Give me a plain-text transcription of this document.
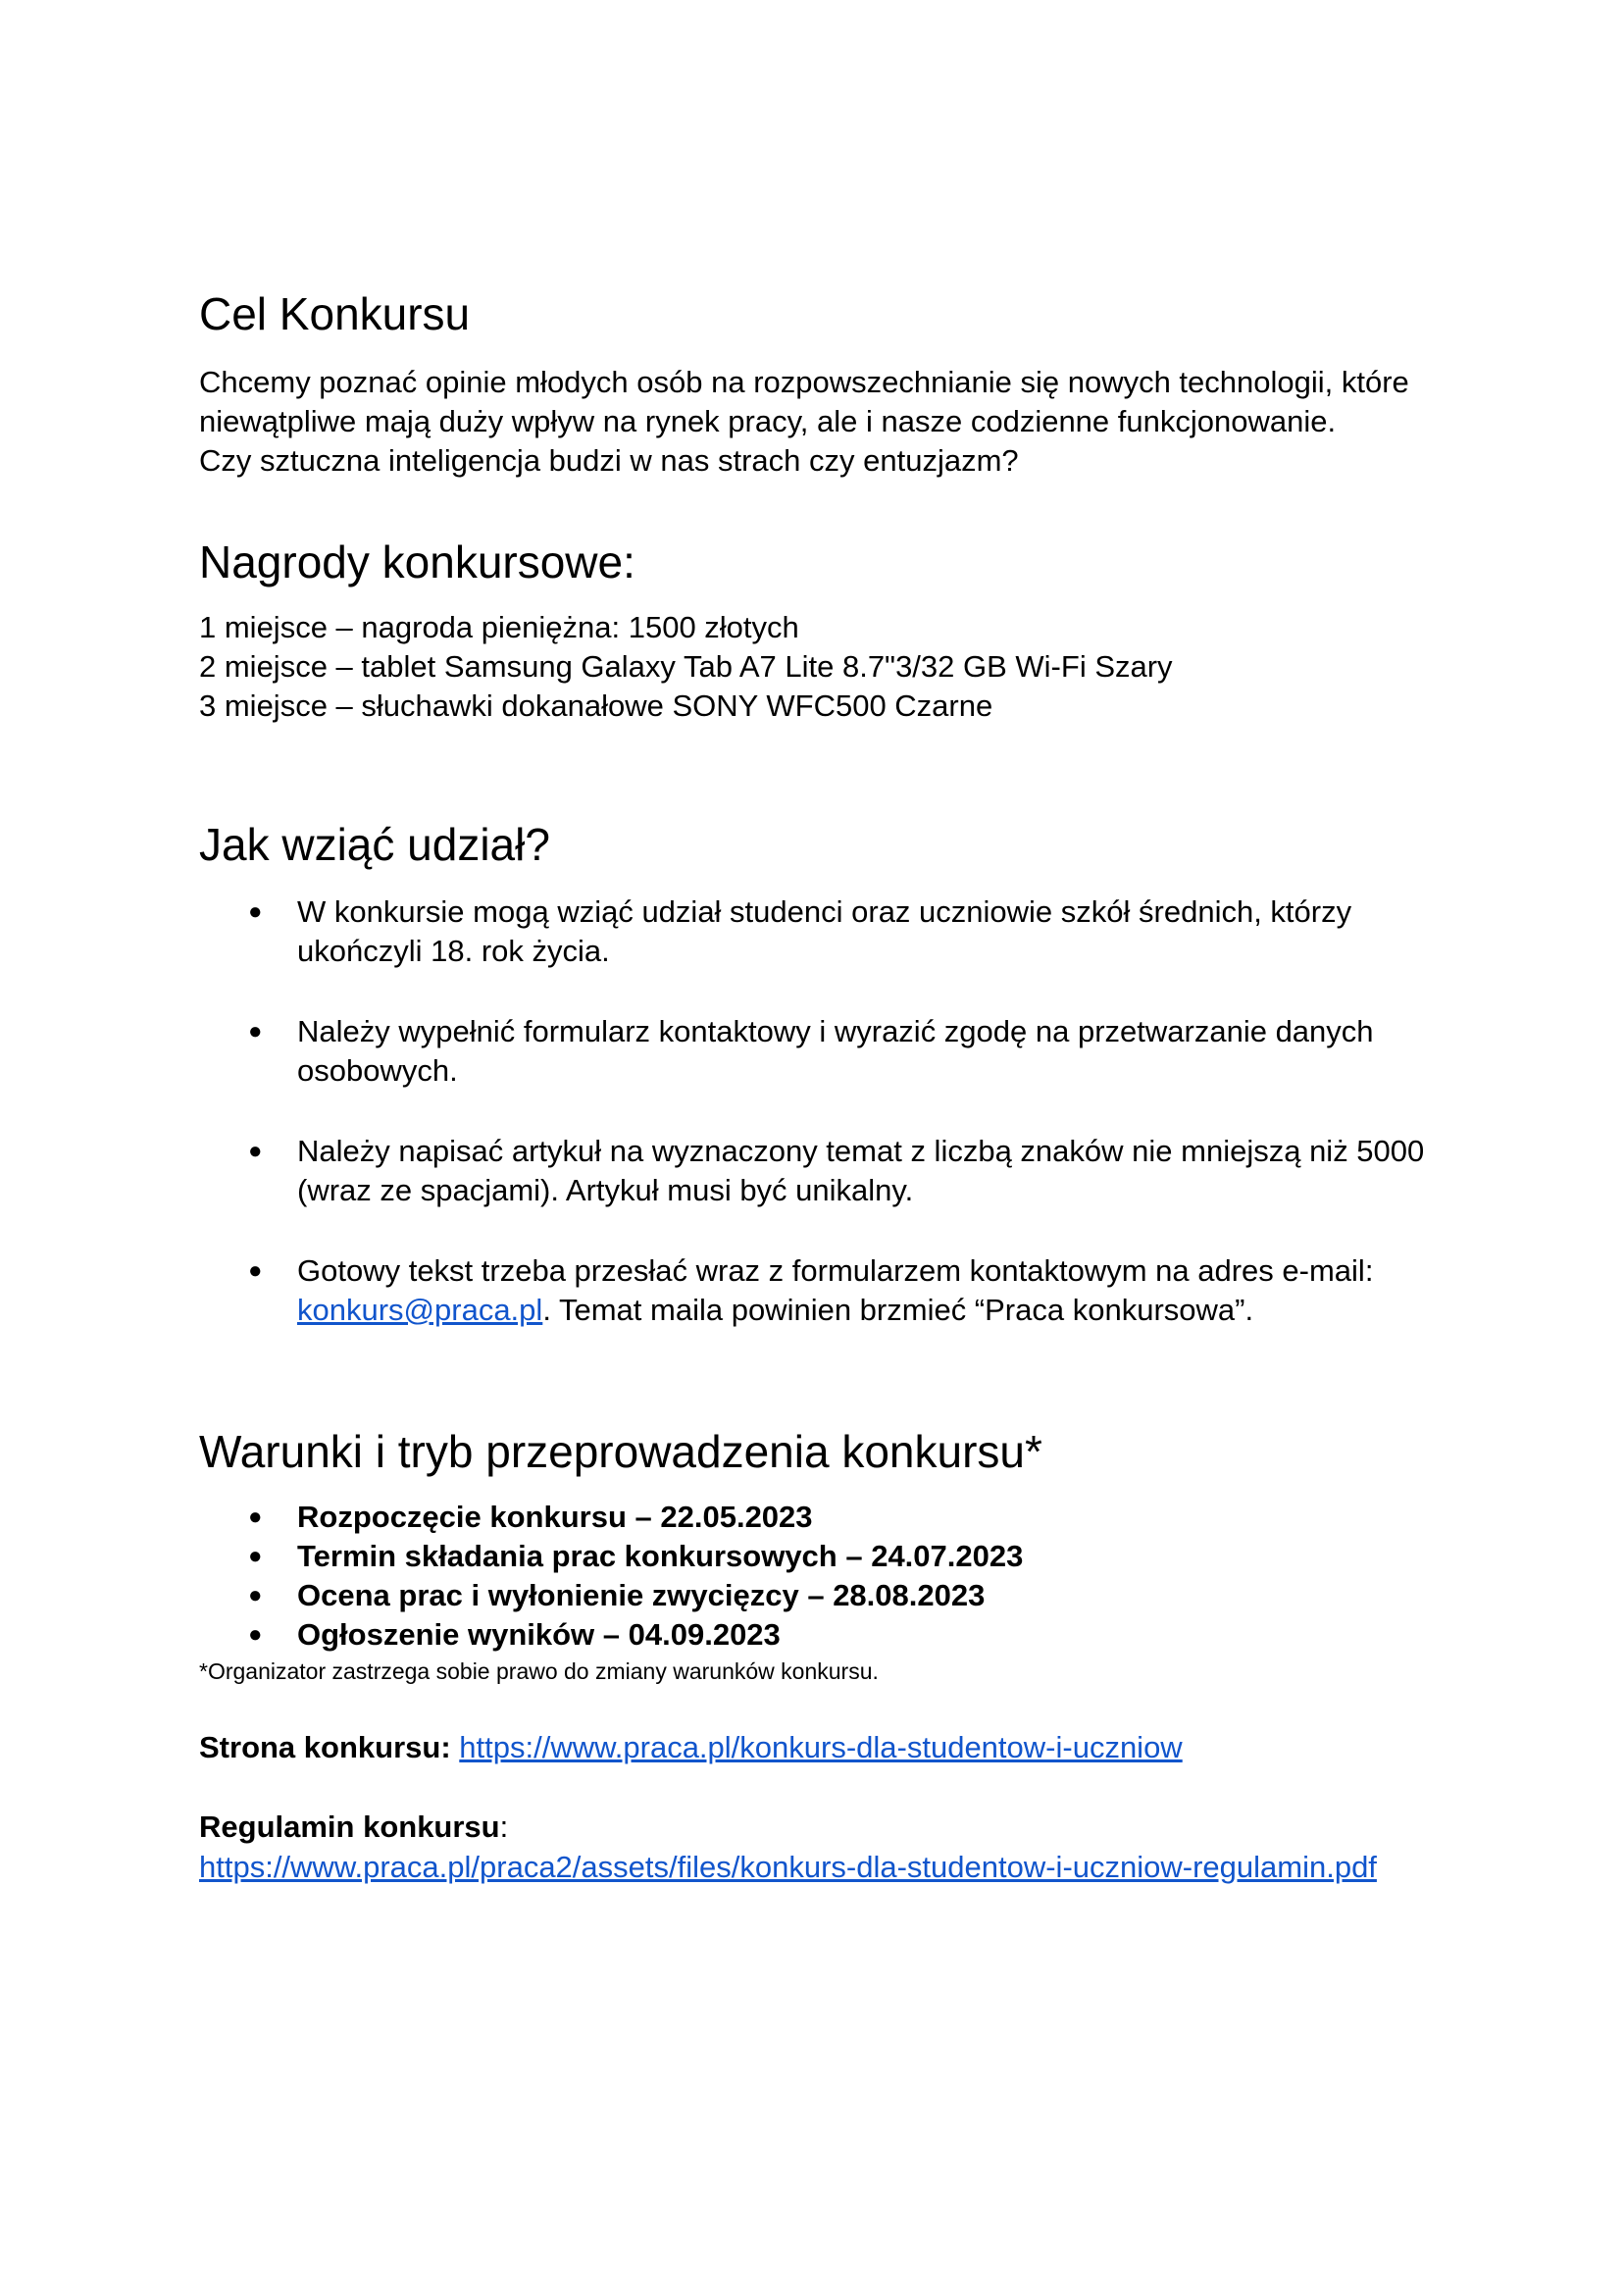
Cel Konkursu

Chcemy poznać opinie młodych osób na rozpowszechnianie się nowych technologii, które

niewątpliwe mają duży wpływ na rynek pracy, ale i nasze codzienne funkcjonowanie.

Czy sztuczna inteligencja budzi w nas strach czy entuzjazm?

Nagrody konkursowe:

1 miejsce – nagroda pieniężna: 1500 złotych

2 miejsce – tablet Samsung Galaxy Tab A7 Lite 8.7"3/32 GB Wi-Fi Szary

3 miejsce – słuchawki dokanałowe SONY WFC500 Czarne

Jak wziąć udział?
● W konkursie mogą wziąć udział studenci oraz uczniowie szkół średnich, którzy
ukończyli 18. rok życia.
● Należy wypełnić formularz kontaktowy i wyrazić zgodę na przetwarzanie danych
osobowych.
● Należy napisać artykuł na wyznaczony temat z liczbą znaków nie mniejszą niż 5000
(wraz ze spacjami). Artykuł musi być unikalny.
● Gotowy tekst trzeba przesłać wraz z formularzem kontaktowym na adres e-mail:
konkurs@praca.pl. Temat maila powinien brzmieć “Praca konkursowa”.
Warunki i tryb przeprowadzenia konkursu*
● Rozpoczęcie konkursu – 22.05.2023
● Termin składania prac konkursowych – 24.07.2023
● Ocena prac i wyłonienie zwycięzcy – 28.08.2023
● Ogłoszenie wyników – 04.09.2023
*Organizator zastrzega sobie prawo do zmiany warunków konkursu.
Strona konkursu: https://www.praca.pl/konkurs-dla-studentow-i-uczniow
Regulamin konkursu:
https://www.praca.pl/praca2/assets/files/konkurs-dla-studentow-i-uczniow-regulamin.pdf
